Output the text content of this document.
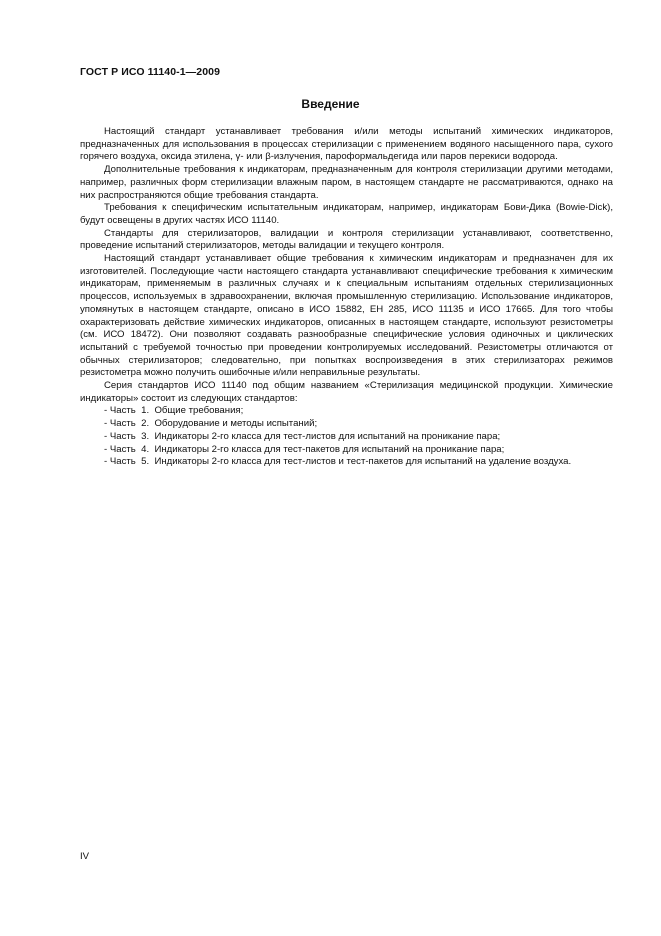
ГОСТ Р ИСО 11140-1—2009
Введение

Настоящий стандарт устанавливает требования и/или методы испытаний химических индикаторов, предназначенных для использования в процессах стерилизации с применением водяного насыщенного пара, сухого горячего воздуха, оксида этилена, γ- или β-излучения, пароформальдегида или паров перекиси водорода.

Дополнительные требования к индикаторам, предназначенным для контроля стерилизации другими методами, например, различных форм стерилизации влажным паром, в настоящем стандарте не рассматриваются, однако на них распространяются общие требования стандарта.

Требования к специфическим испытательным индикаторам, например, индикаторам Бови-Дика (Bowie-Dick), будут освещены в других частях ИСО 11140.

Стандарты для стерилизаторов, валидации и контроля стерилизации устанавливают, соответственно, проведение испытаний стерилизаторов, методы валидации и текущего контроля.

Настоящий стандарт устанавливает общие требования к химическим индикаторам и предназначен для их изготовителей. Последующие части настоящего стандарта устанавливают специфические требования к химическим индикаторам, применяемым в различных случаях и к специальным испытаниям отдельных стерилизационных процессов, используемых в здравоохранении, включая промышленную стерилизацию. Использование индикаторов, упомянутых в настоящем стандарте, описано в ИСО 15882, ЕН 285, ИСО 11135 и ИСО 17665. Для того чтобы охарактеризовать действие химических индикаторов, описанных в настоящем стандарте, используют резистометры (см. ИСО 18472). Они позволяют создавать разнообразные специфические условия одиночных и циклических испытаний с требуемой точностью при проведении контролируемых исследований. Резистометры отличаются от обычных стерилизаторов; следовательно, при попытках воспроизведения в этих стерилизаторах режимов резистометра можно получить ошибочные и/или неправильные результаты.

Серия стандартов ИСО 11140 под общим названием «Стерилизация медицинской продукции. Химические индикаторы» состоит из следующих стандартов:

- Часть  1.  Общие требования;
- Часть  2.  Оборудование и методы испытаний;
- Часть  3.  Индикаторы 2-го класса для тест-листов для испытаний на проникание пара;
- Часть  4.  Индикаторы 2-го класса для тест-пакетов для испытаний на проникание пара;
- Часть  5.  Индикаторы 2-го класса для тест-листов и тест-пакетов для испытаний на удаление воздуха.
IV
